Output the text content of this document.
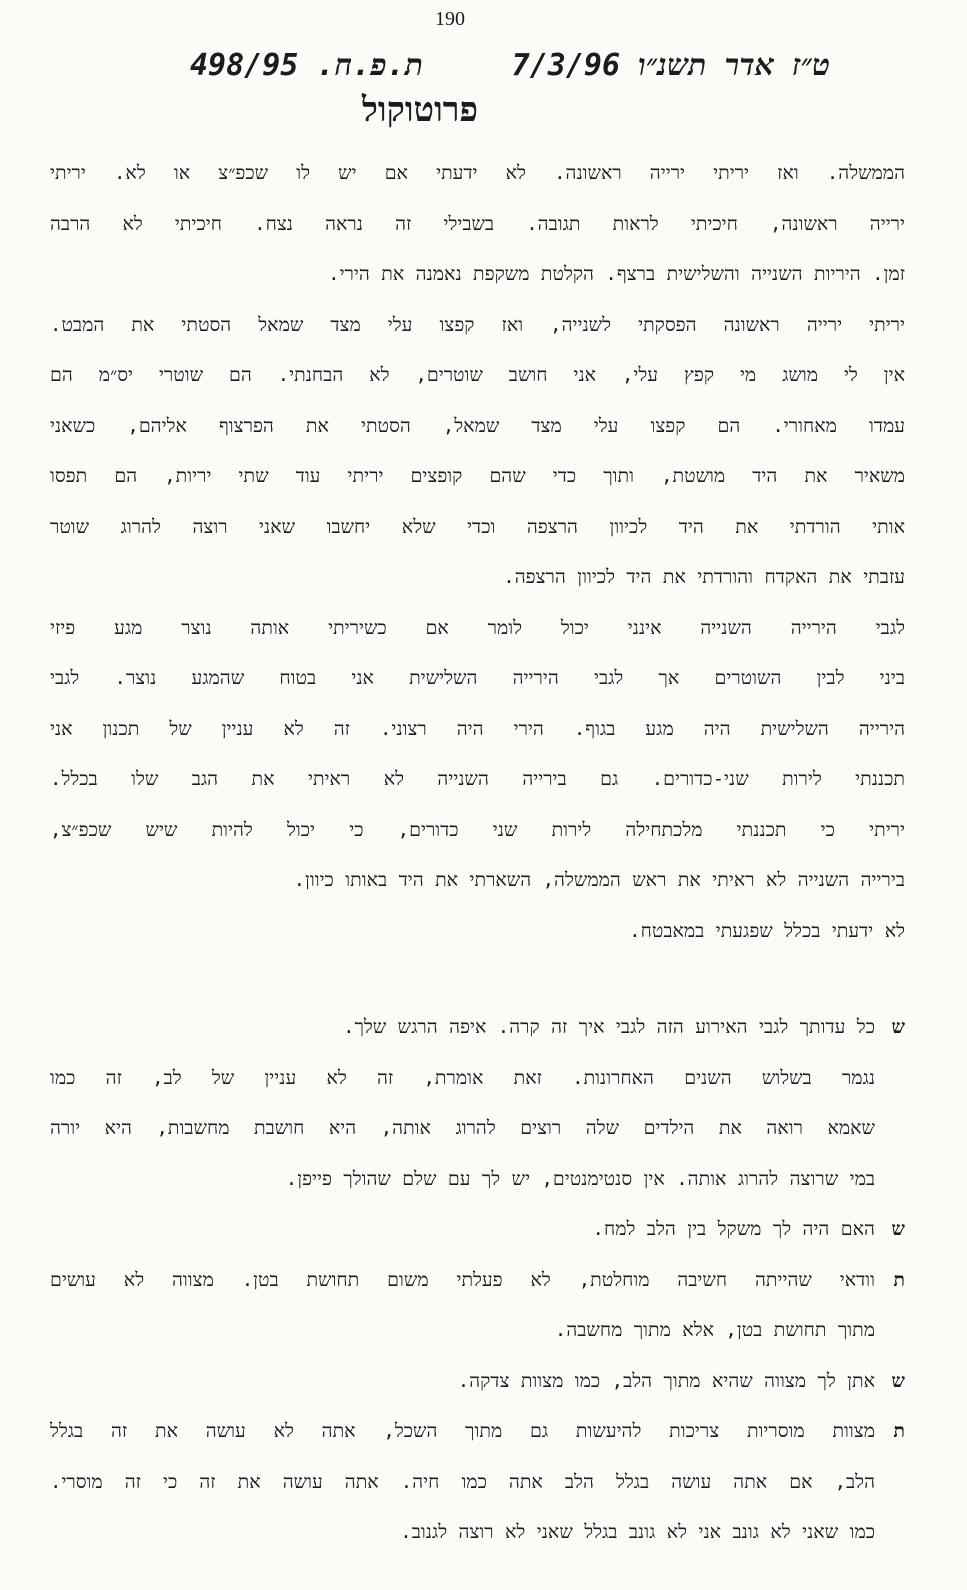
190
ט״ז אדר תשנ״ו 7/3/96
ת.פ.ח. 498/95
פרוטוקול
הממשלה. ואז יריתי ירייה ראשונה. לא ידעתי אם יש לו שכפ״צ או לא. יריתי
ירייה ראשונה, חיכיתי לראות תגובה. בשבילי זה נראה נצח. חיכיתי לא הרבה
זמן. היריות השנייה והשלישית ברצף. הקלטת משקפת נאמנה את הירי.
יריתי ירייה ראשונה הפסקתי לשנייה, ואז קפצו עלי מצד שמאל הסטתי את המבט.
אין לי מושג מי קפץ עלי, אני חושב שוטרים, לא הבחנתי. הם שוטרי יס״מ הם
עמדו מאחורי. הם קפצו עלי מצד שמאל, הסטתי את הפרצוף אליהם, כשאני
משאיר את היד מושטת, ותוך כדי שהם קופצים יריתי עוד שתי יריות, הם תפסו
אותי הורדתי את היד לכיוון הרצפה וכדי שלא יחשבו שאני רוצה להרוג שוטר
עזבתי את האקדח והורדתי את היד לכיוון הרצפה.
לגבי הירייה השנייה אינני יכול לומר אם כשיריתי אותה נוצר מגע פיזי
ביני לבין השוטרים אך לגבי הירייה השלישית אני בטוח שהמגע נוצר. לגבי
הירייה השלישית היה מגע בגוף. הירי היה רצוני. זה לא עניין של תכנון אני
תכננתי לירות שני-כדורים. גם בירייה השנייה לא ראיתי את הגב שלו בכלל.
יריתי כי תכננתי מלכתחילה לירות שני כדורים, כי יכול להיות שיש שכפ״צ,
בירייה השנייה לא ראיתי את ראש הממשלה, השארתי את היד באותו כיוון.
לא ידעתי בכלל שפגעתי במאבטח.
ש
כל עדותך לגבי האירוע הזה לגבי איך זה קרה. איפה הרגש שלך.
נגמר בשלוש השנים האחרונות. זאת אומרת, זה לא עניין של לב, זה כמו
שאמא רואה את הילדים שלה רוצים להרוג אותה, היא חושבת מחשבות, היא יורה
במי שרוצה להרוג אותה. אין סנטימנטים, יש לך עם שלם שהולך פייפן.
ש
האם היה לך משקל בין הלב למח.
ת
וודאי שהייתה חשיבה מוחלטת, לא פעלתי משום תחושת בטן. מצווה לא עושים
מתוך תחושת בטן, אלא מתוך מחשבה.
ש
אתן לך מצווה שהיא מתוך הלב, כמו מצוות צדקה.
ת
מצוות מוסריות צריכות להיעשות גם מתוך השכל, אתה לא עושה את זה בגלל
הלב, אם אתה עושה בגלל הלב אתה כמו חיה. אתה עושה את זה כי זה מוסרי.
כמו שאני לא גונב אני לא גונב בגלל שאני לא רוצה לגנוב.
